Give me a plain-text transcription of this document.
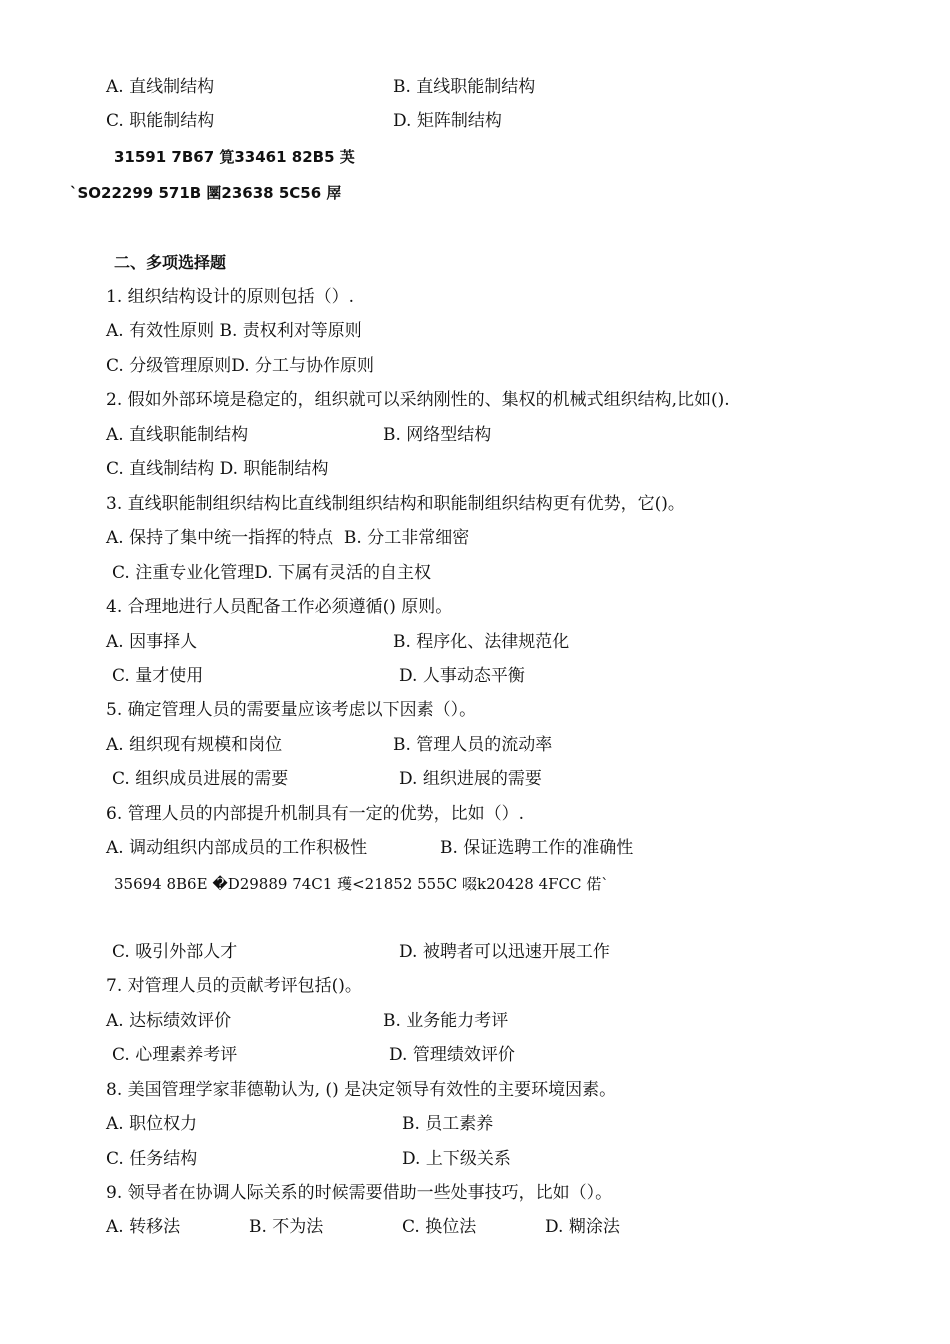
A. 直线制结构	B. 直线职能制结构
C. 职能制结构	D. 矩阵制结构
31591 7B67 筧33461 82B5 芵
`SO22299 571B 圛23638 5C56 屖
二、多项选择题
1. 组织结构设计的原则包括（）.
A. 有效性原则 B. 责权利对等原则
C. 分级管理原则D. 分工与协作原则
2. 假如外部环境是稳定的，组织就可以采纳刚性的、集权的机械式组织结构,比如().
A. 直线职能制结构	B. 网络型结构
C. 直线制结构 D. 职能制结构
3. 直线职能制组织结构比直线制组织结构和职能制组织结构更有优势，它()。
A. 保持了集中统一指挥的特点  B. 分工非常细密
C. 注重专业化管理D. 下属有灵活的自主权
4. 合理地进行人员配备工作必须遵循() 原则。
A. 因事择人	B. 程序化、法律规范化
C. 量才使用	D. 人事动态平衡
5. 确定管理人员的需要量应该考虑以下因素（）。
A. 组织现有规模和岗位	B. 管理人员的流动率
C. 组织成员进展的需要	D. 组织进展的需要
6. 管理人员的内部提升机制具有一定的优势，比如（）.
A. 调动组织内部成员的工作积极性	B. 保证选聘工作的准确性
35694 8B6E �D29889 74C1 瓁<21852 555C 啜k20428 4FCC 偌`
C. 吸引外部人才	D. 被聘者可以迅速开展工作
7. 对管理人员的贡献考评包括()。
A. 达标绩效评价	B. 业务能力考评
C. 心理素养考评	D. 管理绩效评价
8. 美国管理学家菲德勒认为, () 是决定领导有效性的主要环境因素。
A. 职位权力	B. 员工素养
C. 任务结构	D. 上下级关系
9. 领导者在协调人际关系的时候需要借助一些处事技巧，比如（）。
A. 转移法	B. 不为法	C. 换位法	D. 糊涂法
